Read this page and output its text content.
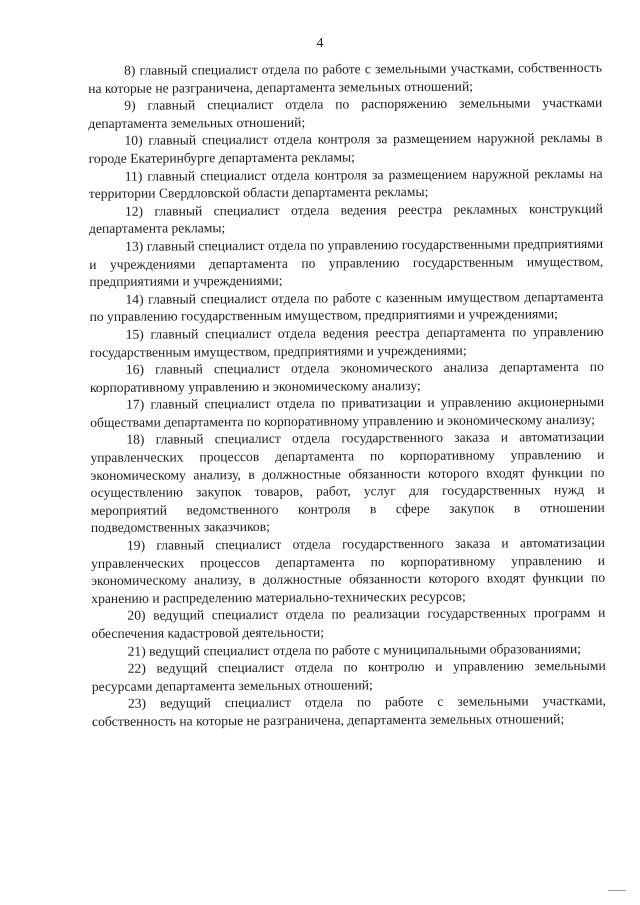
4

8) главный специалист отдела по работе с земельными участками, собственность на которые не разграничена, департамента земельных отношений;

9) главный специалист отдела по распоряжению земельными участками департамента земельных отношений;

10) главный специалист отдела контроля за размещением наружной рекламы в городе Екатеринбурге департамента рекламы;

11) главный специалист отдела контроля за размещением наружной рекламы на территории Свердловской области департамента рекламы;

12) главный специалист отдела ведения реестра рекламных конструкций департамента рекламы;

13) главный специалист отдела по управлению государственными предприятиями и учреждениями департамента по управлению государственным имуществом, предприятиями и учреждениями;

14) главный специалист отдела по работе с казенным имуществом департамента по управлению государственным имуществом, предприятиями и учреждениями;

15) главный специалист отдела ведения реестра департамента по управлению государственным имуществом, предприятиями и учреждениями;

16) главный специалист отдела экономического анализа департамента по корпоративному управлению и экономическому анализу;

17) главный специалист отдела по приватизации и управлению акционерными обществами департамента по корпоративному управлению и экономическому анализу;

18) главный специалист отдела государственного заказа и автоматизации управленческих процессов департамента по корпоративному управлению и экономическому анализу, в должностные обязанности которого входят функции по осуществлению закупок товаров, работ, услуг для государственных нужд и мероприятий ведомственного контроля в сфере закупок в отношении подведомственных заказчиков;

19) главный специалист отдела государственного заказа и автоматизации управленческих процессов департамента по корпоративному управлению и экономическому анализу, в должностные обязанности которого входят функции по хранению и распределению материально-технических ресурсов;

20) ведущий специалист отдела по реализации государственных программ и обеспечения кадастровой деятельности;

21) ведущий специалист отдела по работе с муниципальными образованиями;

22) ведущий специалист отдела по контролю и управлению земельными ресурсами департамента земельных отношений;

23) ведущий специалист отдела по работе с земельными участками, собственность на которые не разграничена, департамента земельных отношений;
